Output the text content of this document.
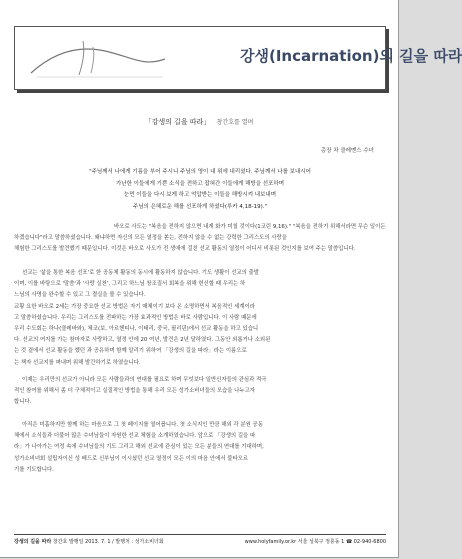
강생(Incarnation)의 길을 따라
「강생의 길을 따라」 창간호를 열며
총장 차 클레멘스 수녀
"주님께서 나에게 기름을 부어 주시니 주님의 영이 내 위에 내리셨다. 주님께서 나를 보내시어
가난한 이들에게 기쁜 소식을 전하고 잡혀간 이들에게 해방을 선포하며
눈먼 이들을 다시 보게 하고 억압받는 이들을 해방시켜 내보내며
주님의 은혜로운 해를 선포하게 하셨다(루카 4,18-19)."
바오로 사도는 "복음을 전하지 않으면 내게 화가 미칠 것이다(1코린 9,16)." "복음을 전하기 위해서라면 무슨 일이든
하겠습니다"라고 말씀하셨습니다. 왜냐하면 자신의 모든 열정을 쏟는, 전하지 않을 수 없는 강력한 그리스도의 사랑을
체험한 그리스도를 발견했기 때문입니다. 이것은 바오로 사도가 전 생애에 걸친 선교 활동의 열정이 어디서 비롯된 것인지를 보여 주는 말씀입니다.
선교는 '삶을 통한 복음 선포'로 한 공동체 활동의 동시에 활동하지 않습니다. 기도 생활이 선교의 출발
이며, 이를 바탕으로 '말씀'과 '사랑 실천', 그리고 하느님 창조질서 회복을 위해 헌신할 때 우리는 하
느님의 사명을 완수할 수 있고 그 결실을 볼 수 있습니다.
교황 요한 바오로 2세는 가장 중요한 선교 방법은 자기 매체이기 보다 온 소명하면서 복음적인 세계이라
고 말씀하셨습니다. 우리는 그리스도를 전파하는 가장 효과적인 방법은 바로 사람입니다. 이 사람 때문에
우리 수도회는 하나(클레바와), 체코(보, 아르헨티나, 이태리, 중국, 필리핀)에서 선교 활동을 하고 있습니
다. 선교의 여지를 가는 참마자로 사랑하고, 열정 안에 20 여년, 발견은 2년 달하였다. 그동안 외롭거나 소외된
는 것 곁에서 선교 활동을 했던 과 공유하며 함께 알리기 위하여 「강생의 길을 따라」라는 이름으로
는 책자 선교지를 펴내며 위해 발간하기로 하였습니다.
이제는 우리만의 선교가 아니라 모든 사람들과의 연대를 필요로 하며 무엇보다 일반신자들의 관심과 적극
적인 참여를 위해서 좀 더 구체적이고 실질적인 방법을 통해 우리 모든 성가소비녀들의 모습을 나누고자
합니다.
아직은 미흡하지만 함께 하는 마음으로 그 첫 페이지를 열어봅니다. 첫 소식지인 만큼 해외 각 분원 공동
체에서 소식들과 더불어 많은 수녀님들이 자원한 선교 체험을 소개하였습니다. 앞으로 「강생의 길을 따
라」가 나아가는 여정 속에 수녀님들의 기도 그리고 해외 선교에 관심이 있는 모든 분들의 연대를 기대하며,
성가소비녀회 설립자이신 성 베드로 신부님이 이시셨던 선교 열정이 모든 이의 마음 안에서 불타오르
기를 기도합니다.
강생의 길을 따라 창간호 발행일 2013. 7. 1 / 발행처 : 성가소비녀회	www.holyfamily.or.kr 서울 성북구 정릉동 1 ☎ 02-940-6800
